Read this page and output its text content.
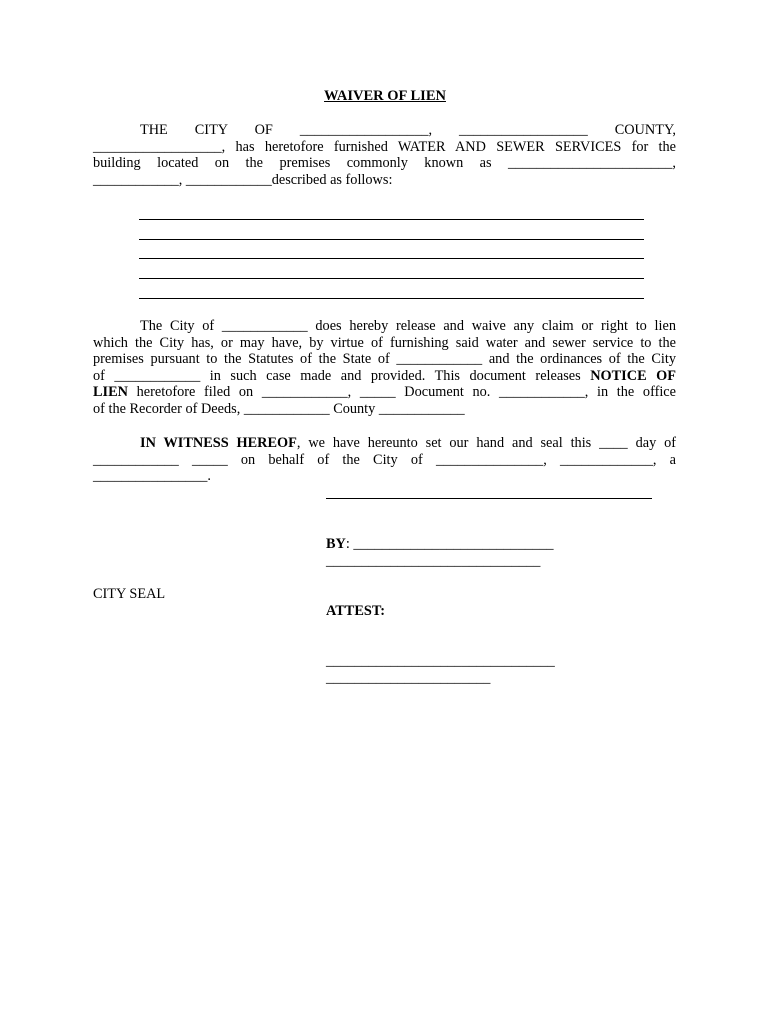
WAIVER OF LIEN
THE CITY OF __________________, __________________ COUNTY,
__________________, has heretofore furnished WATER AND SEWER SERVICES for the
building located on the premises commonly known as _______________________,
____________, ____________described as follows:
The City of ____________ does hereby release and waive any claim or right to lien
which the City has, or may have, by virtue of furnishing said water and sewer service to the
premises pursuant to the Statutes of the State of ____________ and the ordinances of the City
of ____________ in such case made and provided. This document releases NOTICE OF
LIEN heretofore filed on ____________, _____ Document no. ____________, in the office
of the Recorder of Deeds, ____________ County ____________
IN WITNESS HEREOF, we have hereunto set our hand and seal this ____ day of
____________ _____ on behalf of the City of _______________, _____________, a
________________.
BY: ____________________________
______________________________
CITY SEAL
ATTEST:
________________________________
_______________________
